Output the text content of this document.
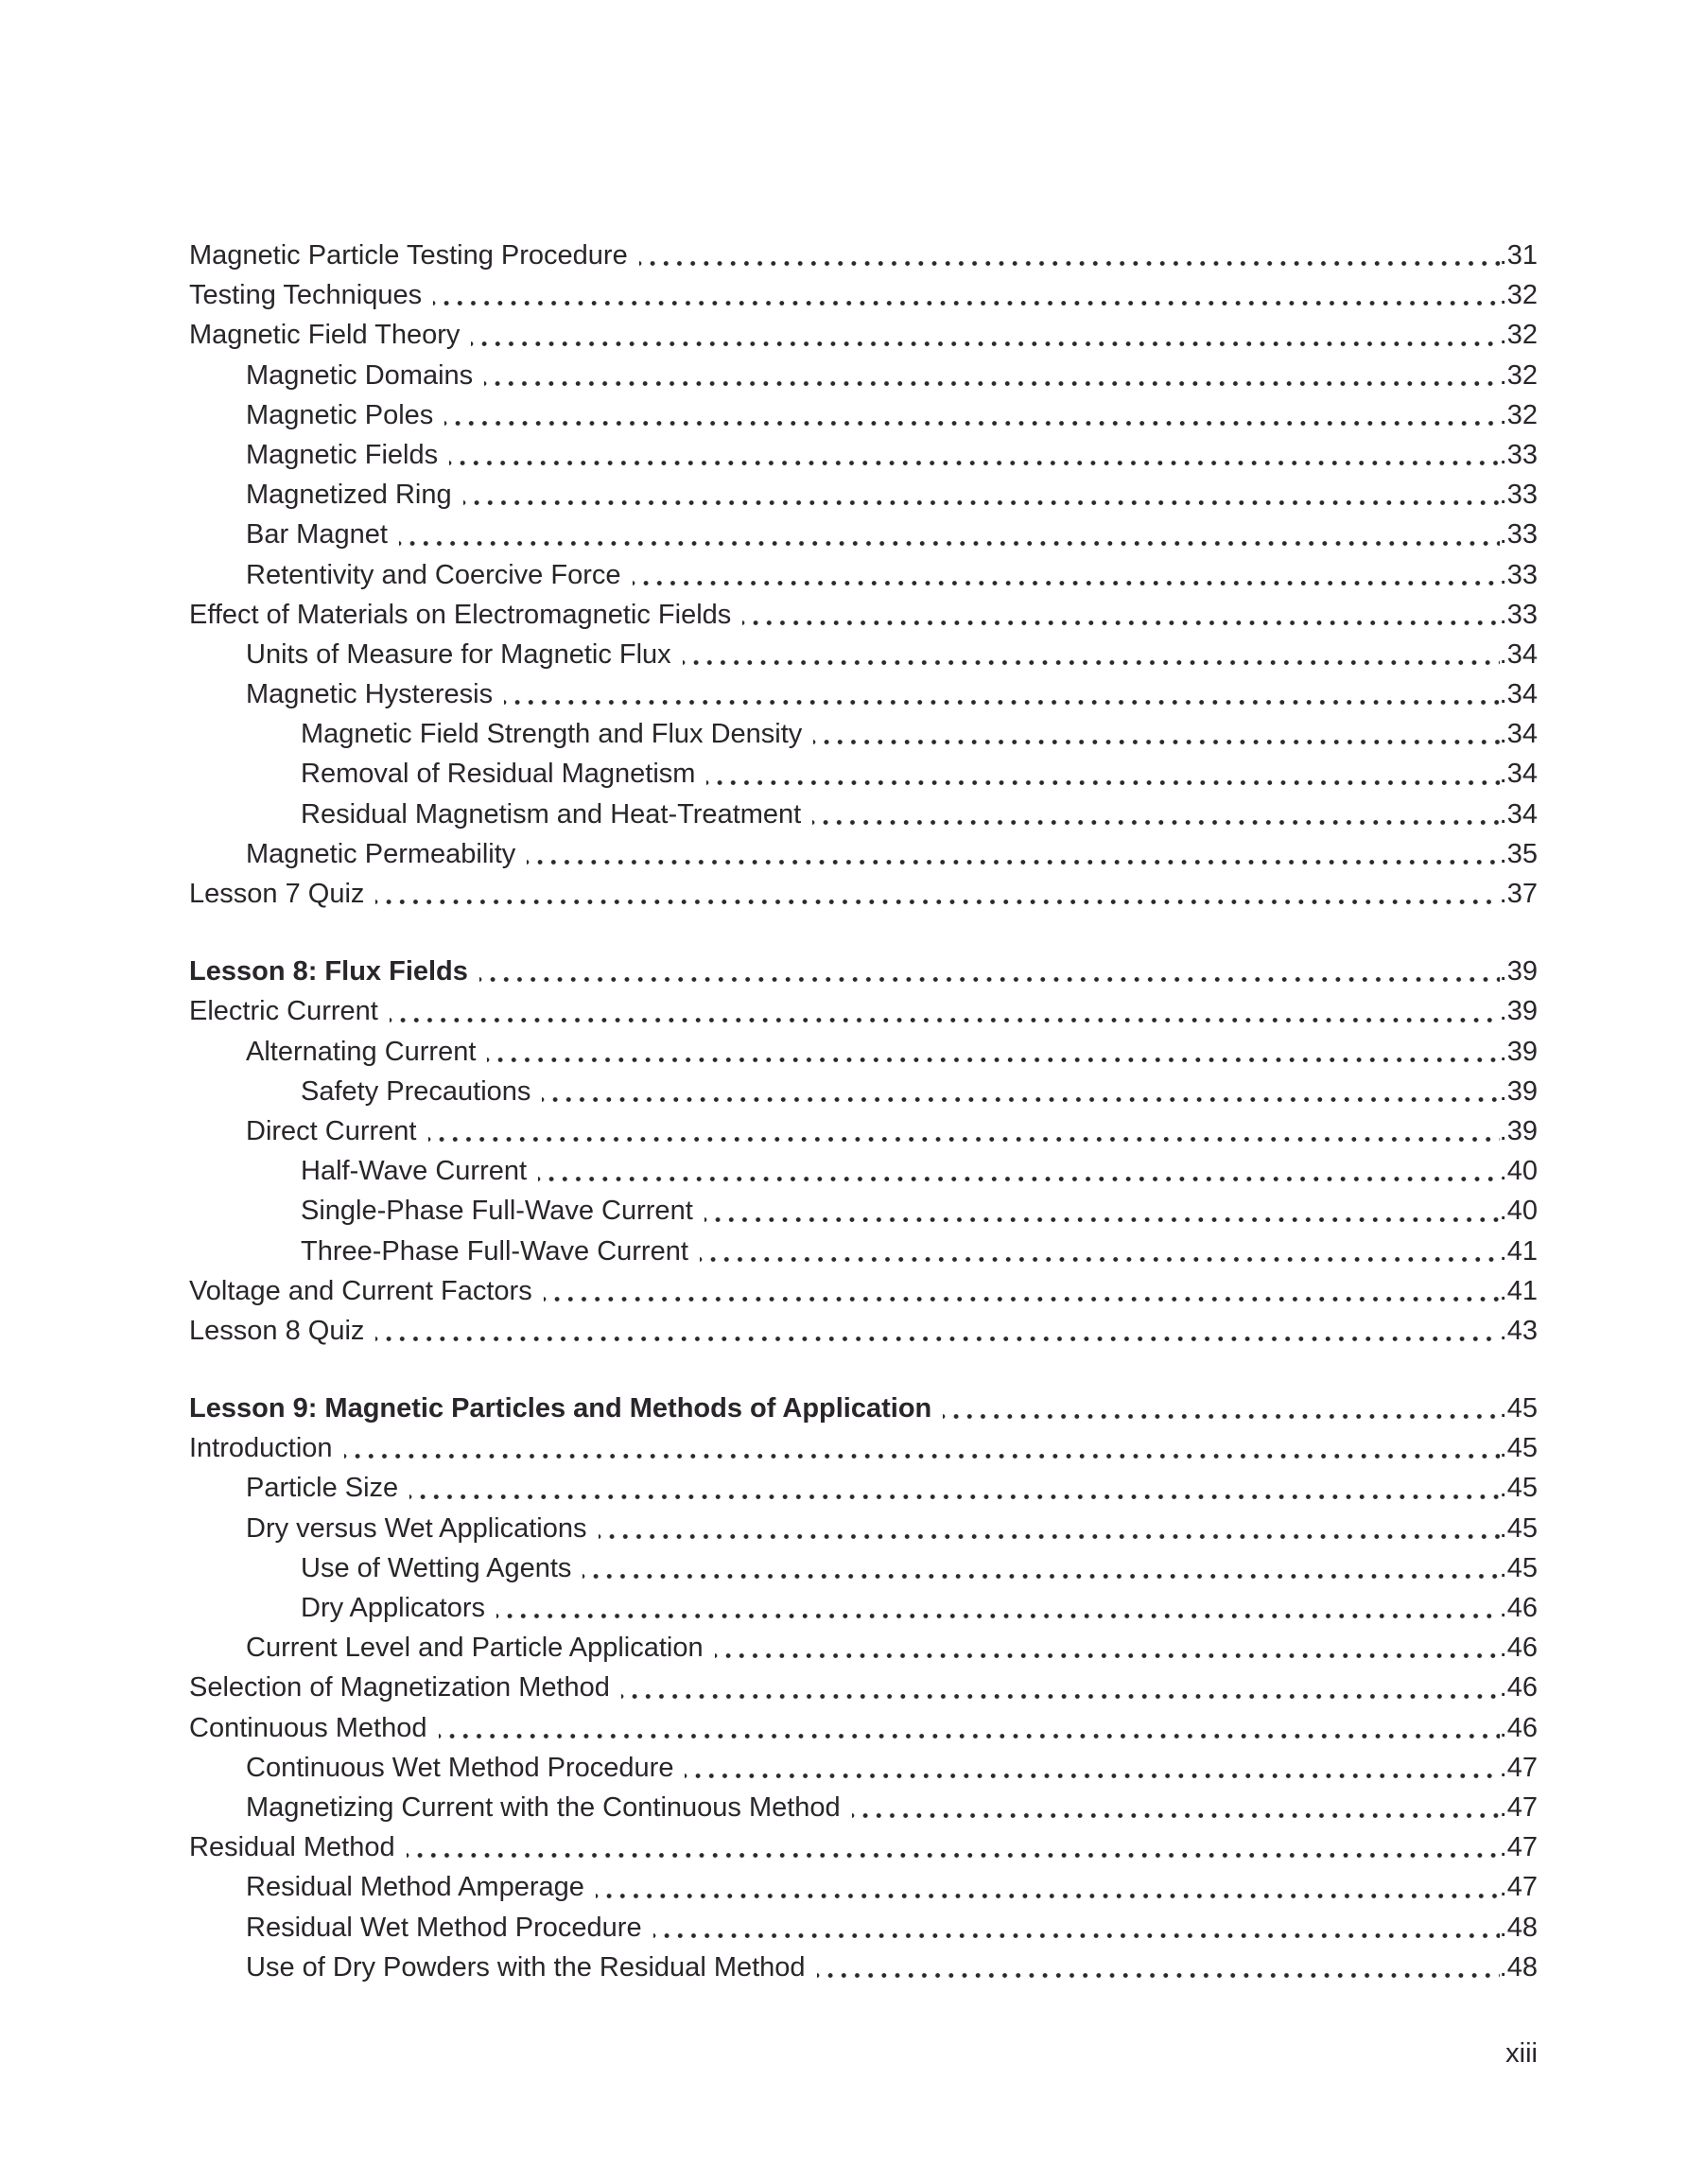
Magnetic Particle Testing Procedure	. 31
Testing Techniques	. 32
Magnetic Field Theory	. 32
Magnetic Domains	. 32
Magnetic Poles	. 32
Magnetic Fields	. 33
Magnetized Ring	. 33
Bar Magnet	. 33
Retentivity and Coercive Force	. 33
Effect of Materials on Electromagnetic Fields	. 33
Units of Measure for Magnetic Flux	. 34
Magnetic Hysteresis	. 34
Magnetic Field Strength and Flux Density	. 34
Removal of Residual Magnetism	. 34
Residual Magnetism and Heat-Treatment	. 34
Magnetic Permeability	. 35
Lesson 7 Quiz	. 37
Lesson 8: Flux Fields	. 39
Electric Current	. 39
Alternating Current	. 39
Safety Precautions	. 39
Direct Current	. 39
Half-Wave Current	. 40
Single-Phase Full-Wave Current	. 40
Three-Phase Full-Wave Current	. 41
Voltage and Current Factors	. 41
Lesson 8 Quiz	. 43
Lesson 9: Magnetic Particles and Methods of Application	. 45
Introduction	. 45
Particle Size	. 45
Dry versus Wet Applications	. 45
Use of Wetting Agents	. 45
Dry Applicators	. 46
Current Level and Particle Application	. 46
Selection of Magnetization Method	. 46
Continuous Method	. 46
Continuous Wet Method Procedure	. 47
Magnetizing Current with the Continuous Method	. 47
Residual Method	. 47
Residual Method Amperage	. 47
Residual Wet Method Procedure	. 48
Use of Dry Powders with the Residual Method	. 48
xiii
